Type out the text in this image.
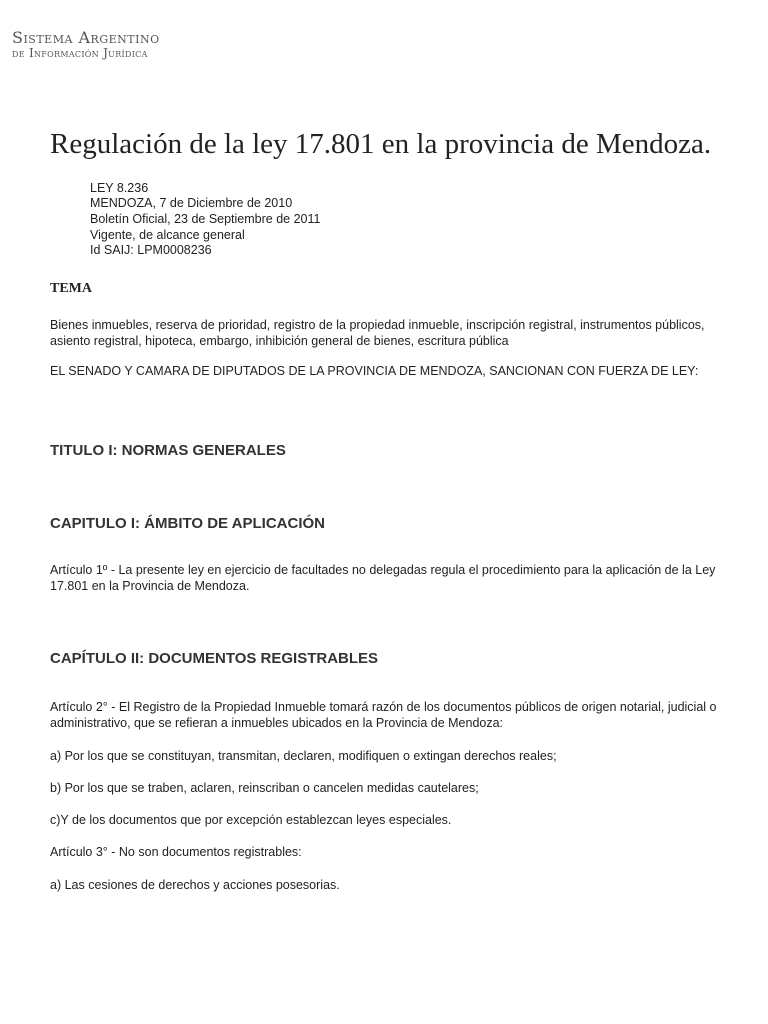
Sistema Argentino
de Información Jurídica
Regulación de la ley 17.801 en la provincia de Mendoza.
LEY 8.236
MENDOZA, 7 de Diciembre de 2010
Boletín Oficial, 23 de Septiembre de 2011
Vigente, de alcance general
Id SAIJ: LPM0008236
TEMA

Bienes inmuebles, reserva de prioridad, registro de la propiedad inmueble, inscripción registral, instrumentos públicos, asiento registral, hipoteca, embargo, inhibición general de bienes, escritura pública

EL SENADO Y CAMARA DE DIPUTADOS DE LA PROVINCIA DE MENDOZA, SANCIONAN CON FUERZA DE LEY:

TITULO I: NORMAS GENERALES
CAPITULO I: ÁMBITO DE APLICACIÓN

Artículo 1º - La presente ley en ejercicio de facultades no delegadas regula el procedimiento para la aplicación de la Ley 17.801 en la Provincia de Mendoza.

CAPÍTULO II: DOCUMENTOS REGISTRABLES

Artículo 2° - El Registro de la Propiedad Inmueble tomará razón de los documentos públicos de origen notarial, judicial o administrativo, que se refieran a inmuebles ubicados en la Provincia de Mendoza:

a) Por los que se constituyan, transmitan, declaren, modifiquen o extingan derechos reales;

b) Por los que se traben, aclaren, reinscriban o cancelen medidas cautelares;

c)Y de los documentos que por excepción establezcan leyes especiales.

Artículo 3° - No son documentos registrables:

a) Las cesiones de derechos y acciones posesorias.
